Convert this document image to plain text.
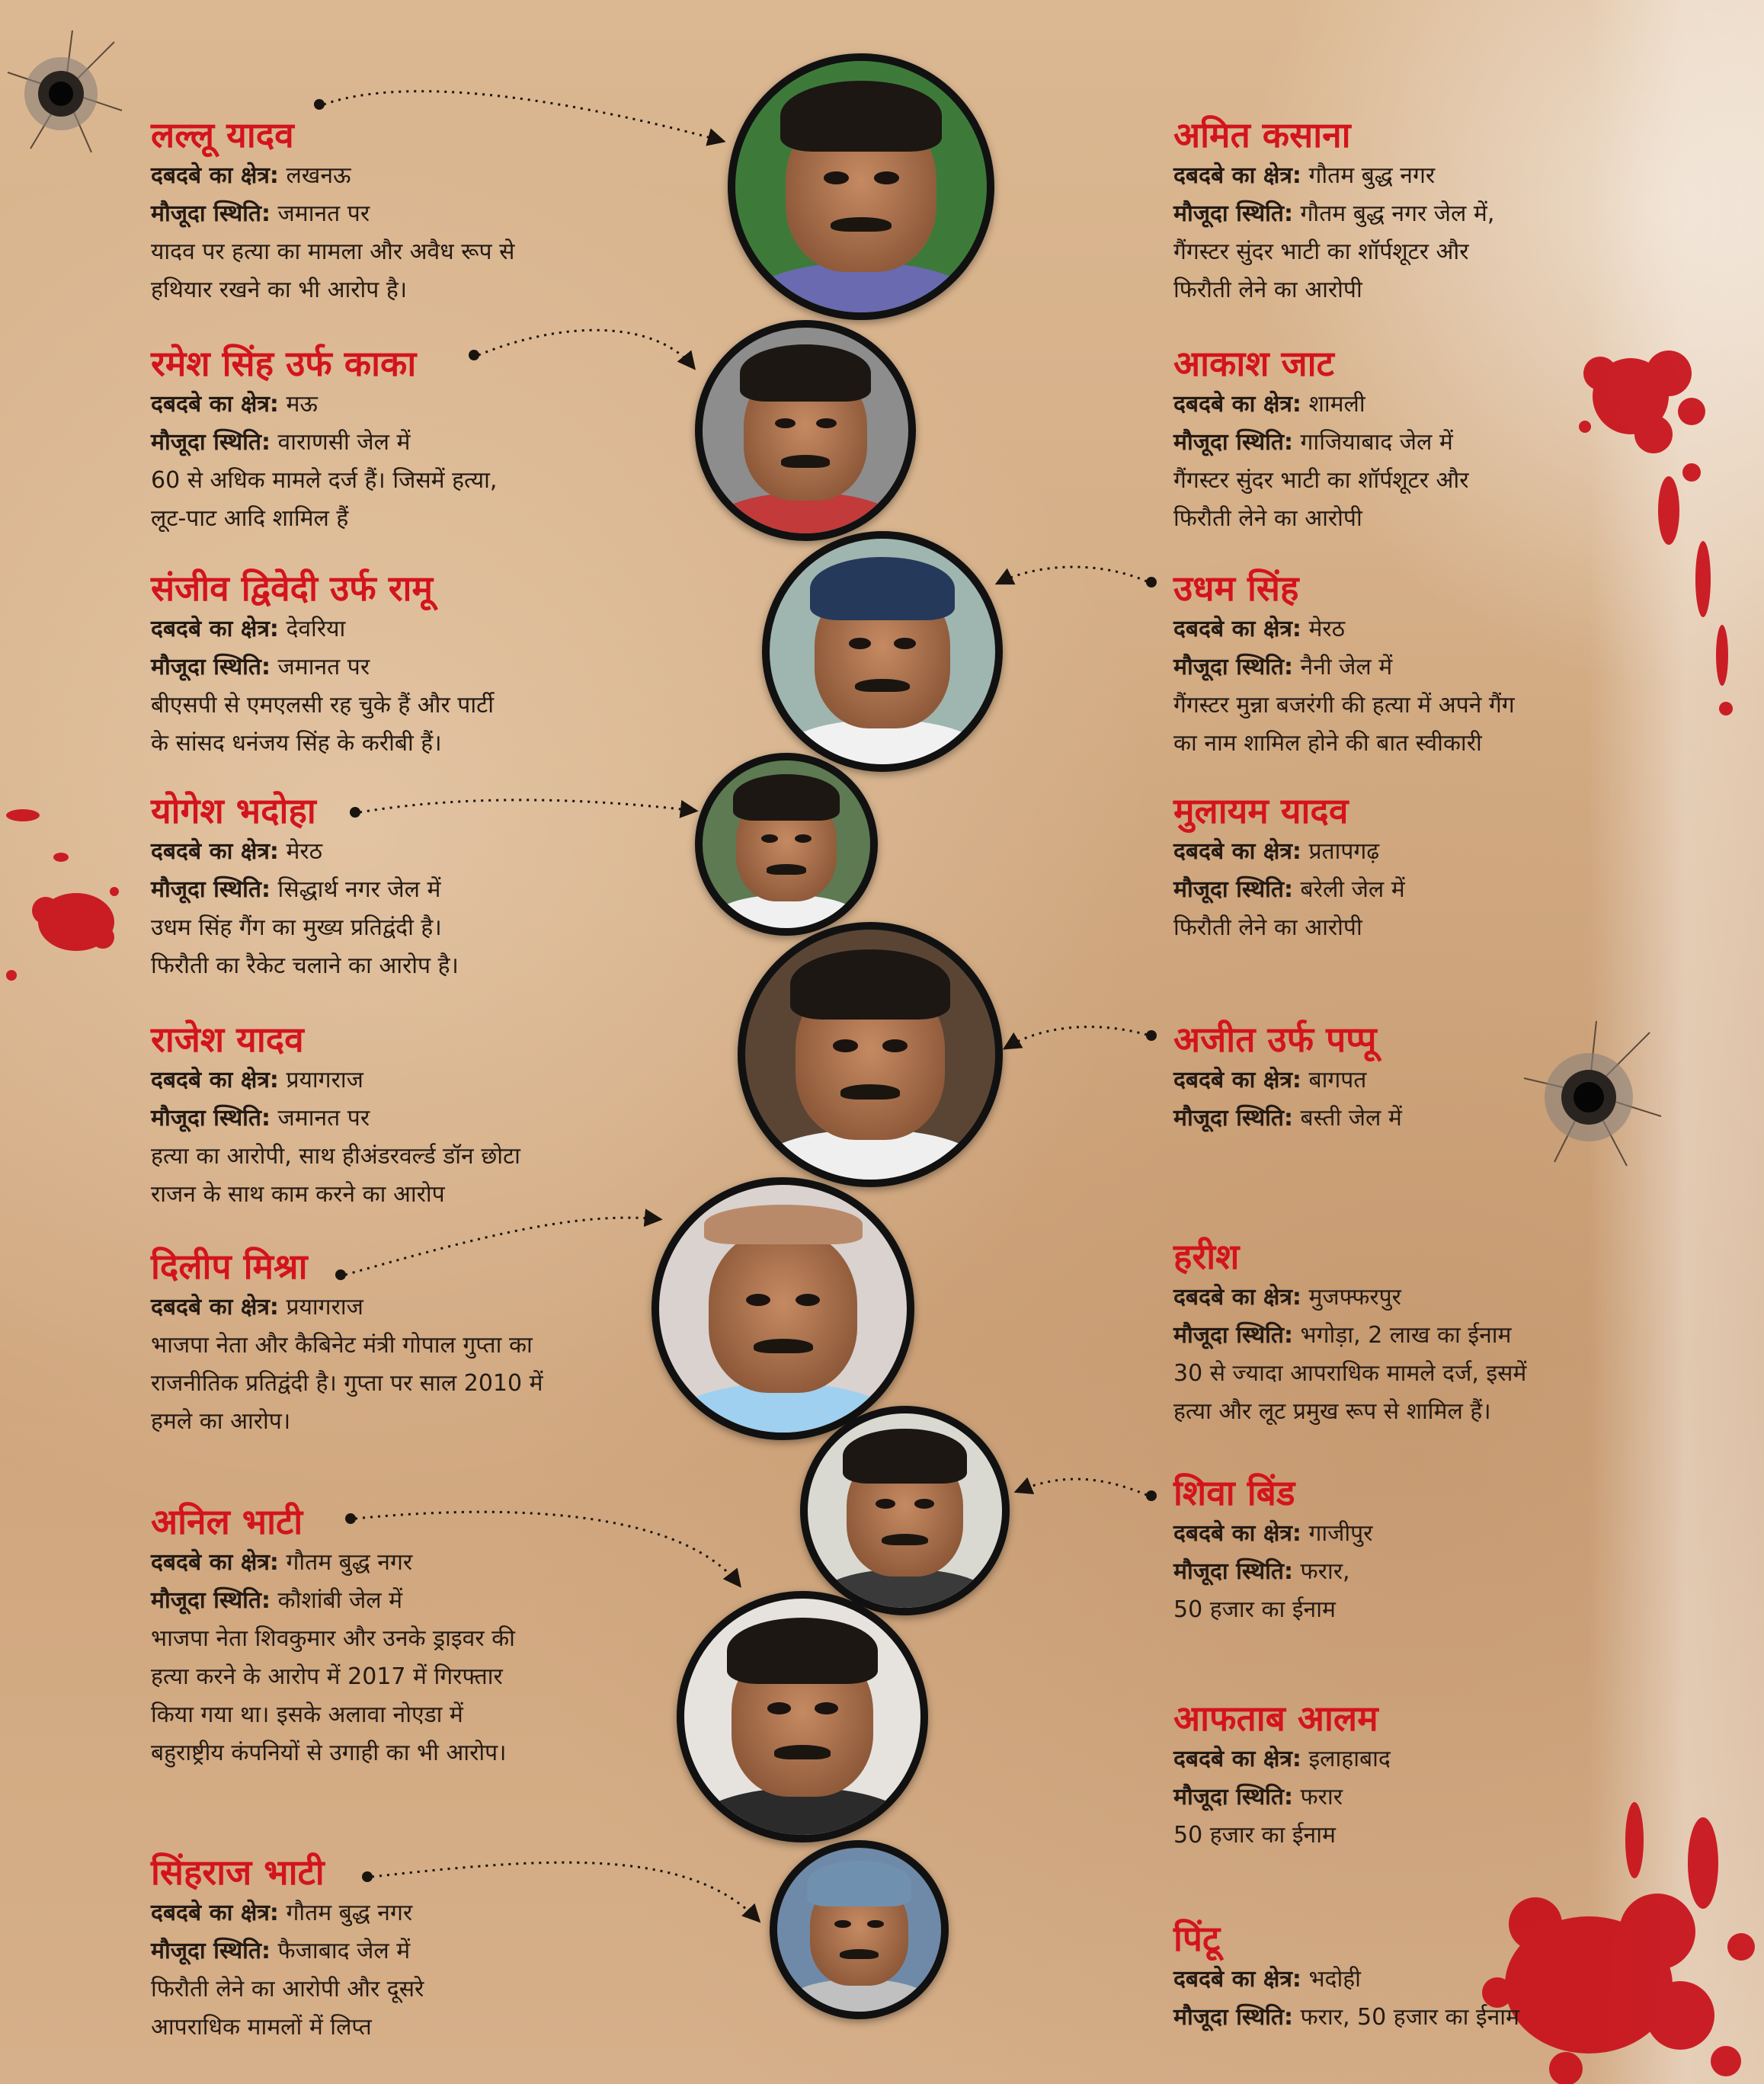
लल्लू यादव
दबदबे का क्षेत्र: लखनऊ
मौजूदा स्थिति: जमानत पर
यादव पर हत्या का मामला और अवैध रूप से
हथियार रखने का भी आरोप है।
रमेश सिंह उर्फ काका
दबदबे का क्षेत्र: मऊ
मौजूदा स्थिति: वाराणसी जेल में
60 से अधिक मामले दर्ज हैं। जिसमें हत्या,
लूट-पाट आदि शामिल हैं
संजीव द्विवेदी उर्फ रामू
दबदबे का क्षेत्र: देवरिया
मौजूदा स्थिति: जमानत पर
बीएसपी से एमएलसी रह चुके हैं और पार्टी
के सांसद धनंजय सिंह के करीबी हैं।
योगेश भदोहा
दबदबे का क्षेत्र: मेरठ
मौजूदा स्थिति: सिद्धार्थ नगर जेल में
उधम सिंह गैंग का मुख्य प्रतिद्वंदी है।
फिरौती का रैकेट चलाने का आरोप है।
राजेश यादव
दबदबे का क्षेत्र: प्रयागराज
मौजूदा स्थिति: जमानत पर
हत्या का आरोपी, साथ हीअंडरवर्ल्ड डॉन छोटा
राजन के साथ काम करने का आरोप
दिलीप मिश्रा
दबदबे का क्षेत्र: प्रयागराज
भाजपा नेता और कैबिनेट मंत्री गोपाल गुप्ता का
राजनीतिक प्रतिद्वंदी है। गुप्ता पर साल 2010 में
हमले का आरोप।
अनिल भाटी
दबदबे का क्षेत्र: गौतम बुद्ध नगर
मौजूदा स्थिति: कौशांबी जेल में
भाजपा नेता शिवकुमार और उनके ड्राइवर की
हत्या करने के आरोप में 2017 में गिरफ्तार
किया गया था। इसके अलावा नोएडा में
बहुराष्ट्रीय कंपनियों से उगाही का भी आरोप।
सिंहराज भाटी
दबदबे का क्षेत्र: गौतम बुद्ध नगर
मौजूदा स्थिति: फैजाबाद जेल में
फिरौती लेने का आरोपी और दूसरे
आपराधिक मामलों में लिप्त
अमित कसाना
दबदबे का क्षेत्र: गौतम बुद्ध नगर
मौजूदा स्थिति: गौतम बुद्ध नगर जेल में,
गैंगस्टर सुंदर भाटी का शॉर्पशूटर और
फिरौती लेने का आरोपी
आकाश जाट
दबदबे का क्षेत्र: शामली
मौजूदा स्थिति: गाजियाबाद जेल में
गैंगस्टर सुंदर भाटी का शॉर्पशूटर और
फिरौती लेने का आरोपी
उधम सिंह
दबदबे का क्षेत्र: मेरठ
मौजूदा स्थिति: नैनी जेल में
गैंगस्टर मुन्ना बजरंगी की हत्या में अपने गैंग
का नाम शामिल होने की बात स्वीकारी
मुलायम यादव
दबदबे का क्षेत्र: प्रतापगढ़
मौजूदा स्थिति: बरेली जेल में
फिरौती लेने का आरोपी
अजीत उर्फ पप्पू
दबदबे का क्षेत्र: बागपत
मौजूदा स्थिति: बस्ती जेल में
हरीश
दबदबे का क्षेत्र: मुजफ्फरपुर
मौजूदा स्थिति: भगोड़ा, 2 लाख का ईनाम
30 से ज्यादा आपराधिक मामले दर्ज, इसमें
हत्या और लूट प्रमुख रूप से शामिल हैं।
शिवा बिंड
दबदबे का क्षेत्र: गाजीपुर
मौजूदा स्थिति: फरार,
50 हजार का ईनाम
आफताब आलम
दबदबे का क्षेत्र: इलाहाबाद
मौजूदा स्थिति: फरार
50 हजार का ईनाम
पिंटू
दबदबे का क्षेत्र: भदोही
मौजूदा स्थिति: फरार, 50 हजार का ईनाम
